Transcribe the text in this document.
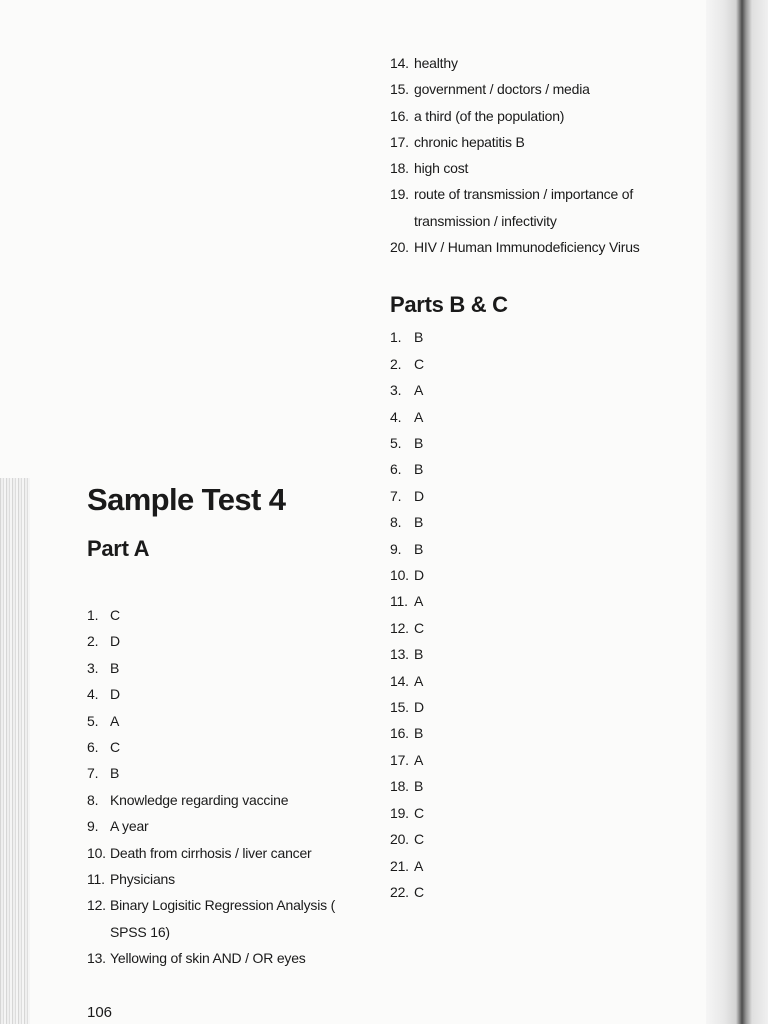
14. healthy
15. government / doctors / media
16. a third (of the population)
17. chronic hepatitis B
18. high cost
19. route of transmission / importance of
transmission / infectivity
20. HIV / Human Immunodeficiency Virus
Parts B & C
1. B
2. C
3. A
4. A
5. B
6. B
7. D
8. B
9. B
10. D
11. A
12. C
13. B
14. A
15. D
16. B
17. A
18. B
19. C
20. C
21. A
22. C
Sample Test 4
Part A
1. C
2. D
3. B
4. D
5. A
6. C
7. B
8. Knowledge regarding vaccine
9. A year
10. Death from cirrhosis / liver cancer
11. Physicians
12. Binary Logisitic Regression Analysis (
SPSS 16)
13. Yellowing of skin AND / OR eyes
106
